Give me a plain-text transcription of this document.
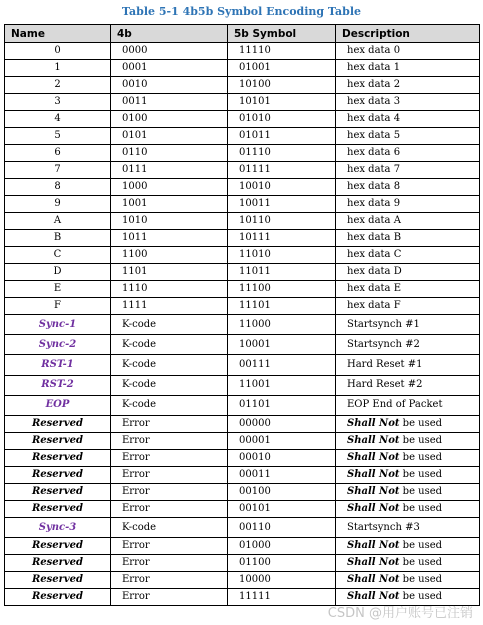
Table 5-1 4b5b Symbol Encoding Table
Name	4b	5b Symbol	Description
0	0000	11110	hex data 0
1	0001	01001	hex data 1
2	0010	10100	hex data 2
3	0011	10101	hex data 3
4	0100	01010	hex data 4
5	0101	01011	hex data 5
6	0110	01110	hex data 6
7	0111	01111	hex data 7
8	1000	10010	hex data 8
9	1001	10011	hex data 9
A	1010	10110	hex data A
B	1011	10111	hex data B
C	1100	11010	hex data C
D	1101	11011	hex data D
E	1110	11100	hex data E
F	1111	11101	hex data F
Sync-1	K-code	11000	Startsynch #1
Sync-2	K-code	10001	Startsynch #2
RST-1	K-code	00111	Hard Reset #1
RST-2	K-code	11001	Hard Reset #2
EOP	K-code	01101	EOP End of Packet
Reserved	Error	00000	Shall Not be used
Reserved	Error	00001	Shall Not be used
Reserved	Error	00010	Shall Not be used
Reserved	Error	00011	Shall Not be used
Reserved	Error	00100	Shall Not be used
Reserved	Error	00101	Shall Not be used
Sync-3	K-code	00110	Startsynch #3
Reserved	Error	01000	Shall Not be used
Reserved	Error	01100	Shall Not be used
Reserved	Error	10000	Shall Not be used
Reserved	Error	11111	Shall Not be used
CSDN @用户账号已注销
